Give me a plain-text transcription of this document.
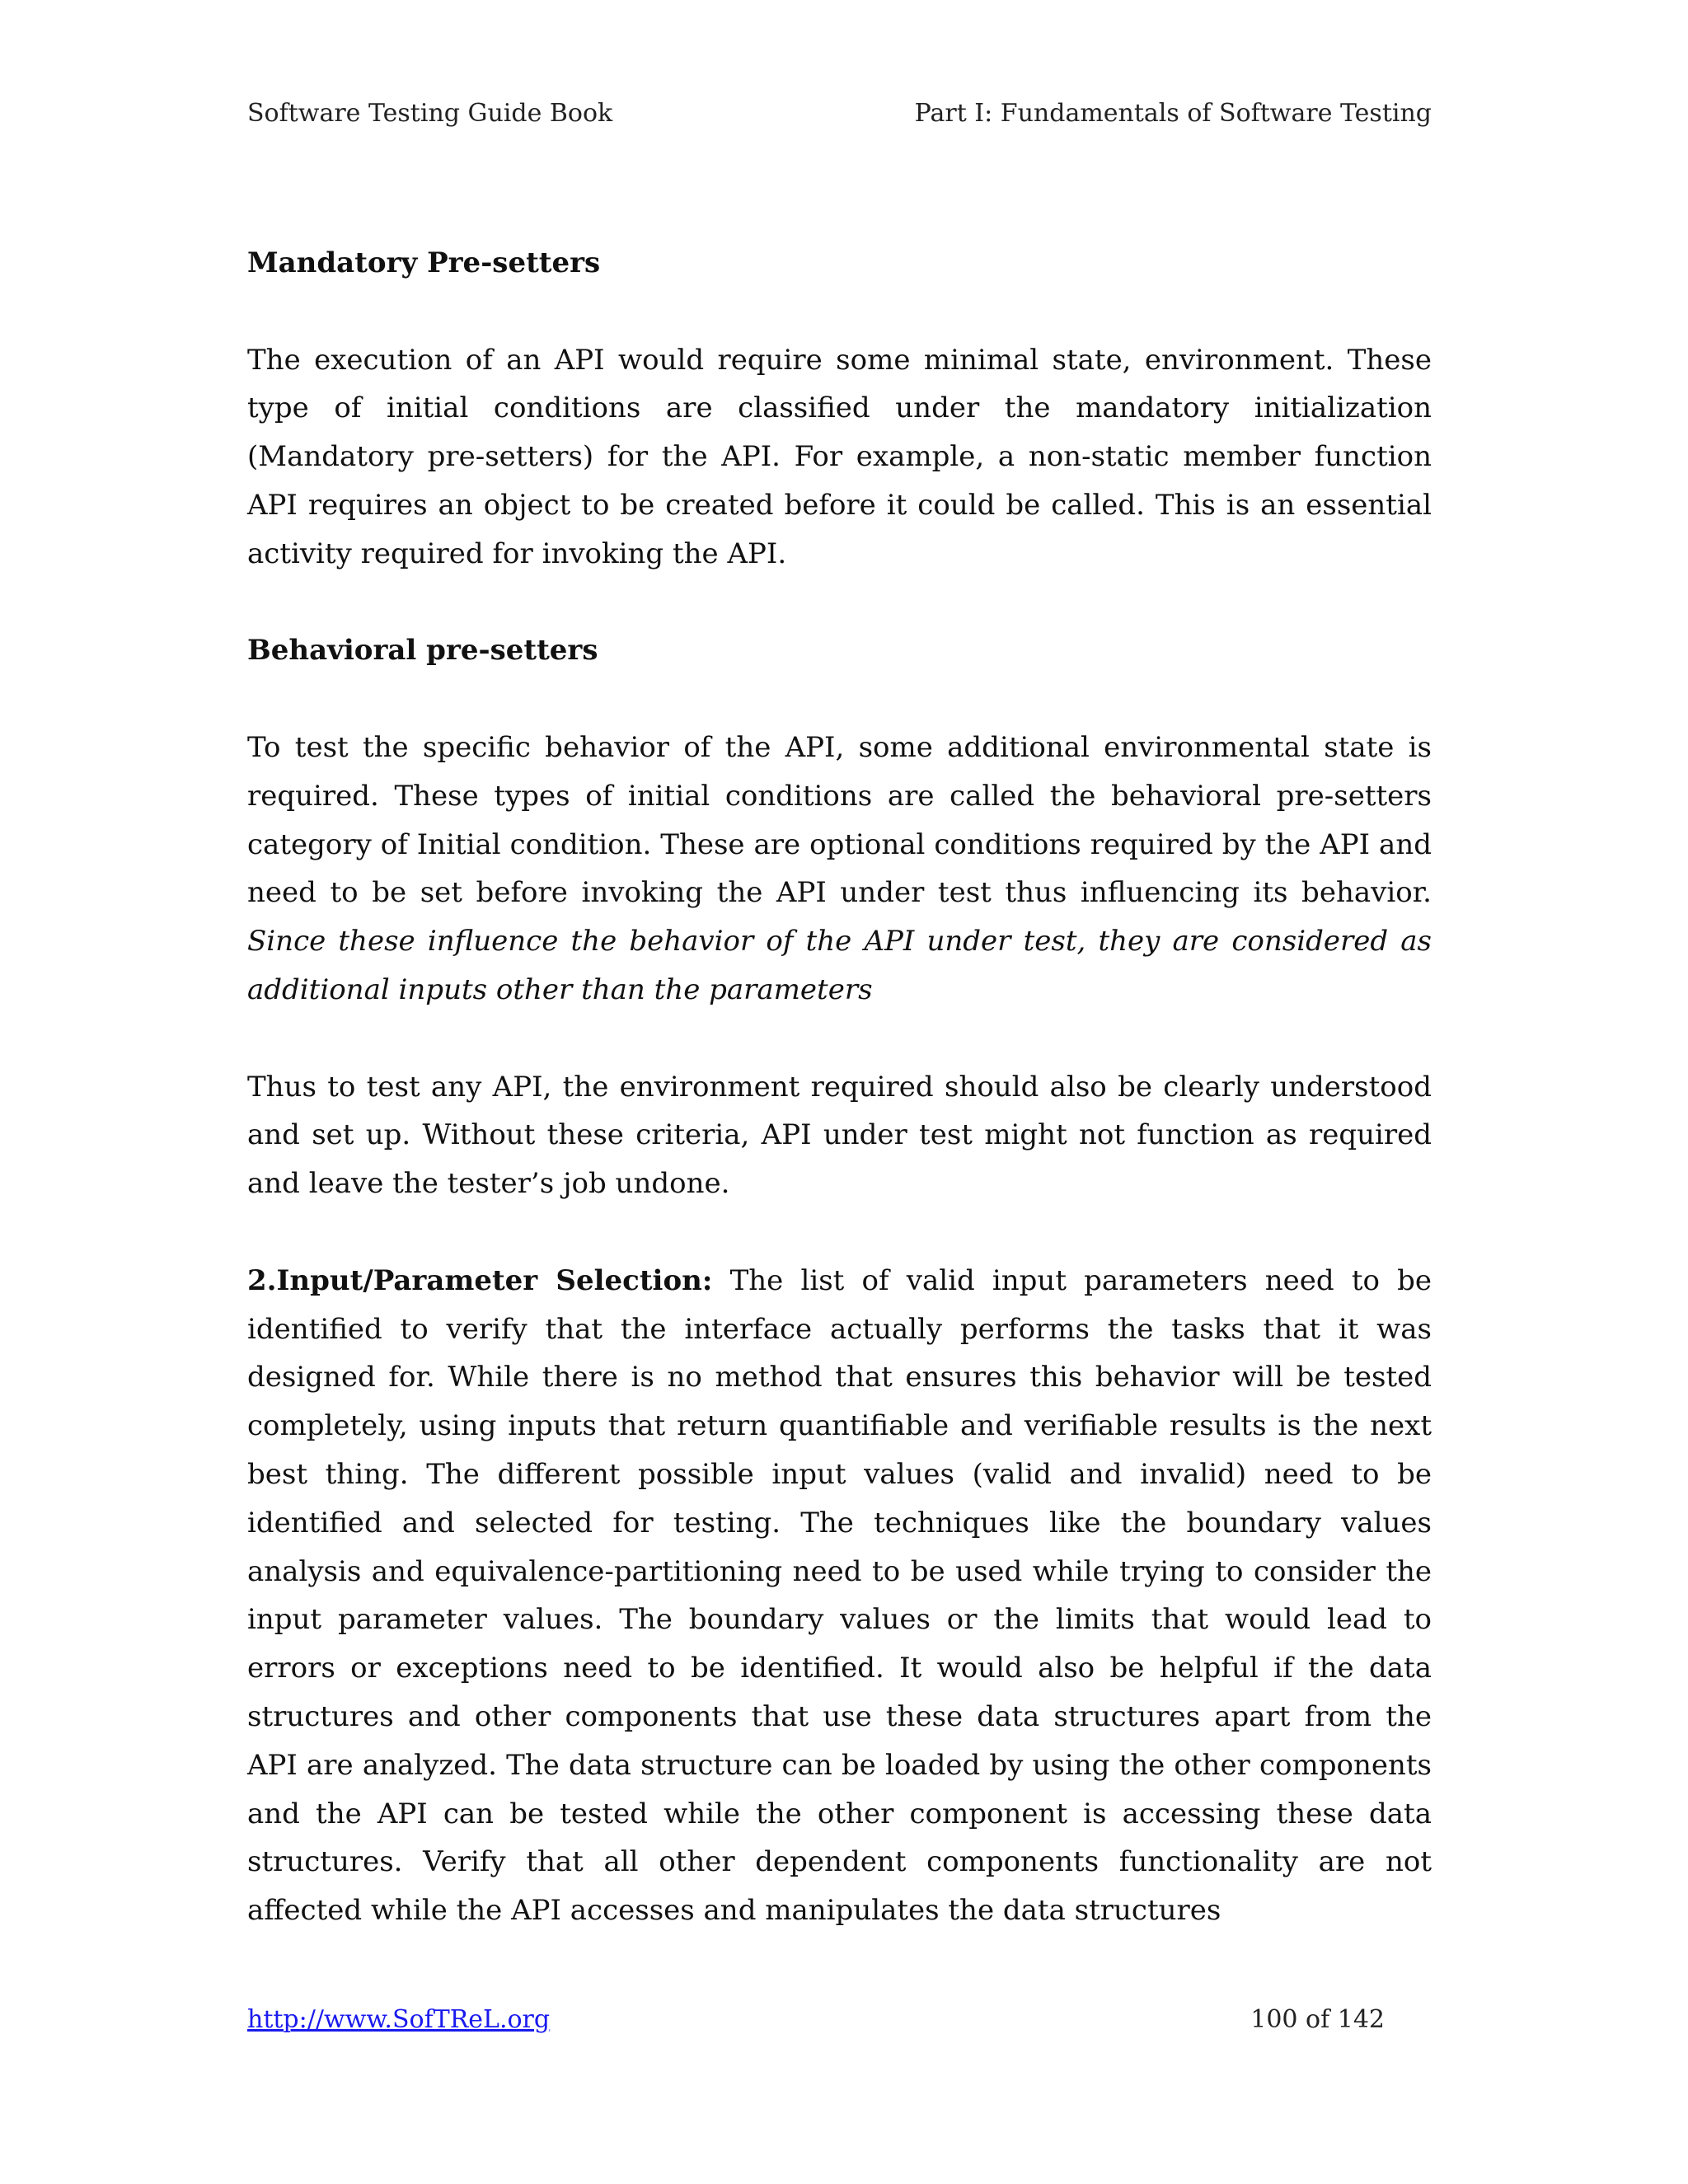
Software Testing Guide Book	Part I: Fundamentals of Software Testing
Mandatory Pre-setters

The execution of an API would require some minimal state, environment. These type of initial conditions are classified under the mandatory initialization (Mandatory pre-setters) for the API. For example, a non-static member function API requires an object to be created before it could be called. This is an essential activity required for invoking the API.

Behavioral pre-setters

To test the specific behavior of the API, some additional environmental state is required. These types of initial conditions are called the behavioral pre-setters category of Initial condition. These are optional conditions required by the API and need to be set before invoking the API under test thus influencing its behavior. Since these influence the behavior of the API under test, they are considered as additional inputs other than the parameters

Thus to test any API, the environment required should also be clearly understood and set up. Without these criteria, API under test might not function as required and leave the tester’s job undone.

2.Input/Parameter Selection: The list of valid input parameters need to be identified to verify that the interface actually performs the tasks that it was designed for. While there is no method that ensures this behavior will be tested completely, using inputs that return quantifiable and verifiable results is the next best thing. The different possible input values (valid and invalid) need to be identified and selected for testing. The techniques like the boundary values analysis and equivalence-partitioning need to be used while trying to consider the input parameter values. The boundary values or the limits that would lead to errors or exceptions need to be identified. It would also be helpful if the data structures and other components that use these data structures apart from the API are analyzed. The data structure can be loaded by using the other components and the API can be tested while the other component is accessing these data structures. Verify that all other dependent components functionality are not affected while the API accesses and manipulates the data structures

http://www.SofTReL.org	100 of 142
